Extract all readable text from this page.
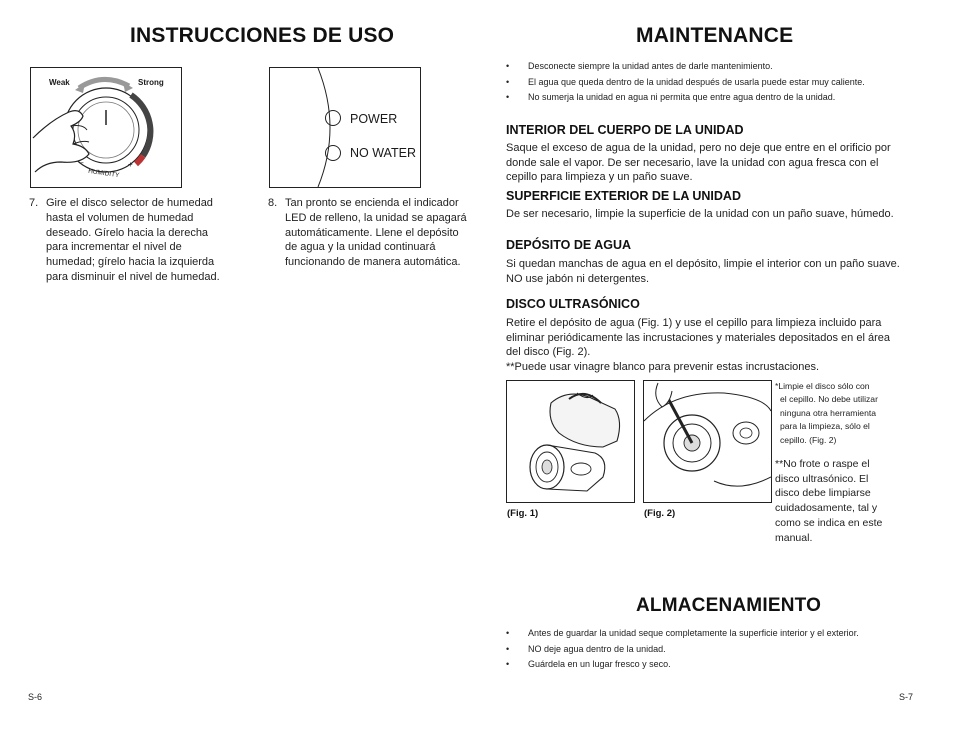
INSTRUCCIONES DE USO
Weak	Strong
HUMIDITY
–	+
POWER
NO WATER
7. Gire el disco selector de humedad hasta el volumen de humedad deseado. Gírelo hacia la derecha para incrementar el nivel de humedad; gírelo hacia la izquierda para disminuir el nivel de humedad.
8. Tan pronto se encienda el indicador LED de relleno, la unidad se apagará automáticamente. Llene el depósito de agua y la unidad continuará funcionando de manera automática.
S-6
MAINTENANCE
• Desconecte siempre la unidad antes de darle mantenimiento.
• El agua que queda dentro de la unidad después de usarla puede estar muy caliente.
• No sumerja la unidad en agua ni permita que entre agua dentro de la unidad.
INTERIOR DEL CUERPO DE LA UNIDAD
Saque el exceso de agua de la unidad, pero no deje que entre en el orificio por
donde sale el vapor. De ser necesario, lave la unidad con agua fresca con el
cepillo para limpieza y un paño suave.
SUPERFICIE EXTERIOR DE LA UNIDAD
De ser necesario, limpie la superficie de la unidad con un paño suave, húmedo.
DEPÓSITO DE AGUA
Si quedan manchas de agua en el depósito, limpie el interior con un paño suave.
NO use jabón ni detergentes.
DISCO ULTRASÓNICO
Retire el depósito de agua (Fig. 1) y use el cepillo para limpieza incluido para
eliminar periódicamente las incrustaciones y materiales depositados en el área
del disco (Fig. 2).
**Puede usar vinagre blanco para prevenir estas incrustaciones.
(Fig. 1)	(Fig. 2)
*Limpie el disco sólo con
el cepillo. No debe utilizar
ninguna otra herramienta
para la limpieza, sólo el
cepillo. (Fig. 2)
**No frote o raspe el
disco ultrasónico. El
disco debe limpiarse
cuidadosamente, tal y
como se indica en este
manual.
ALMACENAMIENTO
• Antes de guardar la unidad seque completamente la superficie interior y el exterior.
• NO deje agua dentro de la unidad.
• Guárdela en un lugar fresco y seco.
S-7
